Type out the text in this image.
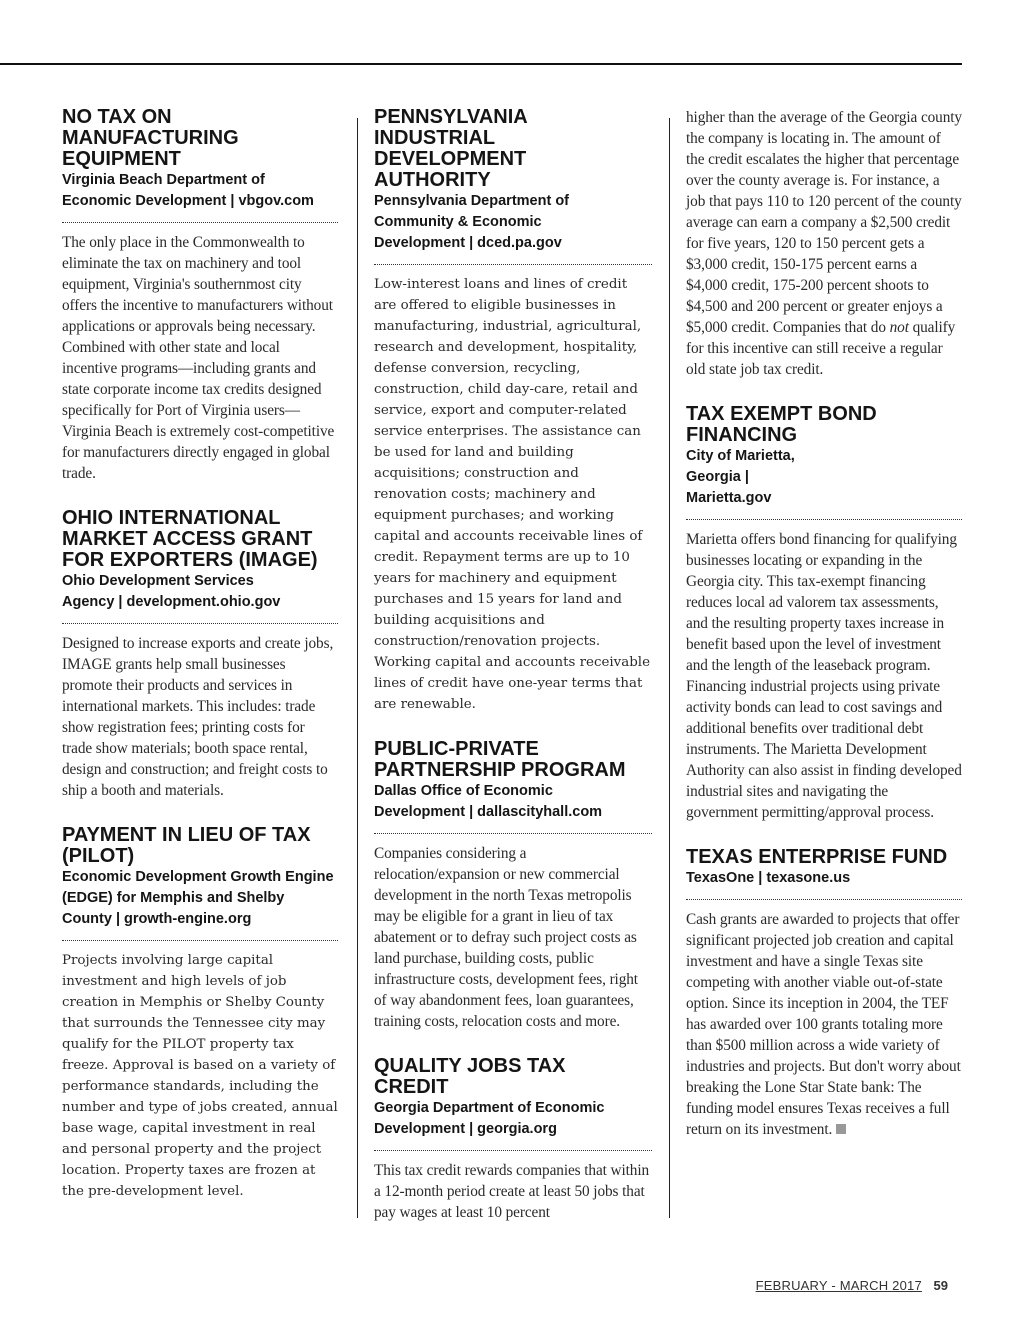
NO TAX ON MANUFACTURING EQUIPMENT
Virginia Beach Department of Economic Development | vbgov.com

The only place in the Commonwealth to eliminate the tax on machinery and tool equipment, Virginia's southernmost city offers the incentive to manufacturers without applications or approvals being necessary. Combined with other state and local incentive programs—including grants and state corporate income tax credits designed specifically for Port of Virginia users—Virginia Beach is extremely cost-competitive for manufacturers directly engaged in global trade.

OHIO INTERNATIONAL MARKET ACCESS GRANT FOR EXPORTERS (IMAGE)
Ohio Development Services Agency | development.ohio.gov

Designed to increase exports and create jobs, IMAGE grants help small businesses promote their products and services in international markets. This includes: trade show registration fees; printing costs for trade show materials; booth space rental, design and construction; and freight costs to ship a booth and materials.

PAYMENT IN LIEU OF TAX (PILOT)
Economic Development Growth Engine (EDGE) for Memphis and Shelby County | growth-engine.org

Projects involving large capital investment and high levels of job creation in Memphis or Shelby County that surrounds the Tennessee city may qualify for the PILOT property tax freeze. Approval is based on a variety of performance standards, including the number and type of jobs created, annual base wage, capital investment in real and personal property and the project location. Property taxes are frozen at the pre-development level.

PENNSYLVANIA INDUSTRIAL DEVELOPMENT AUTHORITY
Pennsylvania Department of Community & Economic Development | dced.pa.gov

Low-interest loans and lines of credit are offered to eligible businesses in manufacturing, industrial, agricultural, research and development, hospitality, defense conversion, recycling, construction, child day-care, retail and service, export and computer-related service enterprises. The assistance can be used for land and building acquisitions; construction and renovation costs; machinery and equipment purchases; and working capital and accounts receivable lines of credit. Repayment terms are up to 10 years for machinery and equipment purchases and 15 years for land and building acquisitions and construction/renovation projects. Working capital and accounts receivable lines of credit have one-year terms that are renewable.

PUBLIC-PRIVATE PARTNERSHIP PROGRAM
Dallas Office of Economic Development | dallascityhall.com

Companies considering a relocation/expansion or new commercial development in the north Texas metropolis may be eligible for a grant in lieu of tax abatement or to defray such project costs as land purchase, building costs, public infrastructure costs, development fees, right of way abandonment fees, loan guarantees, training costs, relocation costs and more.

QUALITY JOBS TAX CREDIT
Georgia Department of Economic Development | georgia.org

This tax credit rewards companies that within a 12-month period create at least 50 jobs that pay wages at least 10 percent

higher than the average of the Georgia county the company is locating in. The amount of the credit escalates the higher that percentage over the county average is. For instance, a job that pays 110 to 120 percent of the county average can earn a company a $2,500 credit for five years, 120 to 150 percent gets a $3,000 credit, 150-175 percent earns a $4,000 credit, 175-200 percent shoots to $4,500 and 200 percent or greater enjoys a $5,000 credit. Companies that do not qualify for this incentive can still receive a regular old state job tax credit.

TAX EXEMPT BOND FINANCING
City of Marietta, Georgia | Marietta.gov

Marietta offers bond financing for qualifying businesses locating or expanding in the Georgia city. This tax-exempt financing reduces local ad valorem tax assessments, and the resulting property taxes increase in benefit based upon the level of investment and the length of the leaseback program. Financing industrial projects using private activity bonds can lead to cost savings and additional benefits over traditional debt instruments. The Marietta Development Authority can also assist in finding developed industrial sites and navigating the government permitting/approval process.

TEXAS ENTERPRISE FUND
TexasOne | texasone.us

Cash grants are awarded to projects that offer significant projected job creation and capital investment and have a single Texas site competing with another viable out-of-state option. Since its inception in 2004, the TEF has awarded over 100 grants totaling more than $500 million across a wide variety of industries and projects. But don't worry about breaking the Lone Star State bank: The funding model ensures Texas receives a full return on its investment.

FEBRUARY - MARCH 2017 59
